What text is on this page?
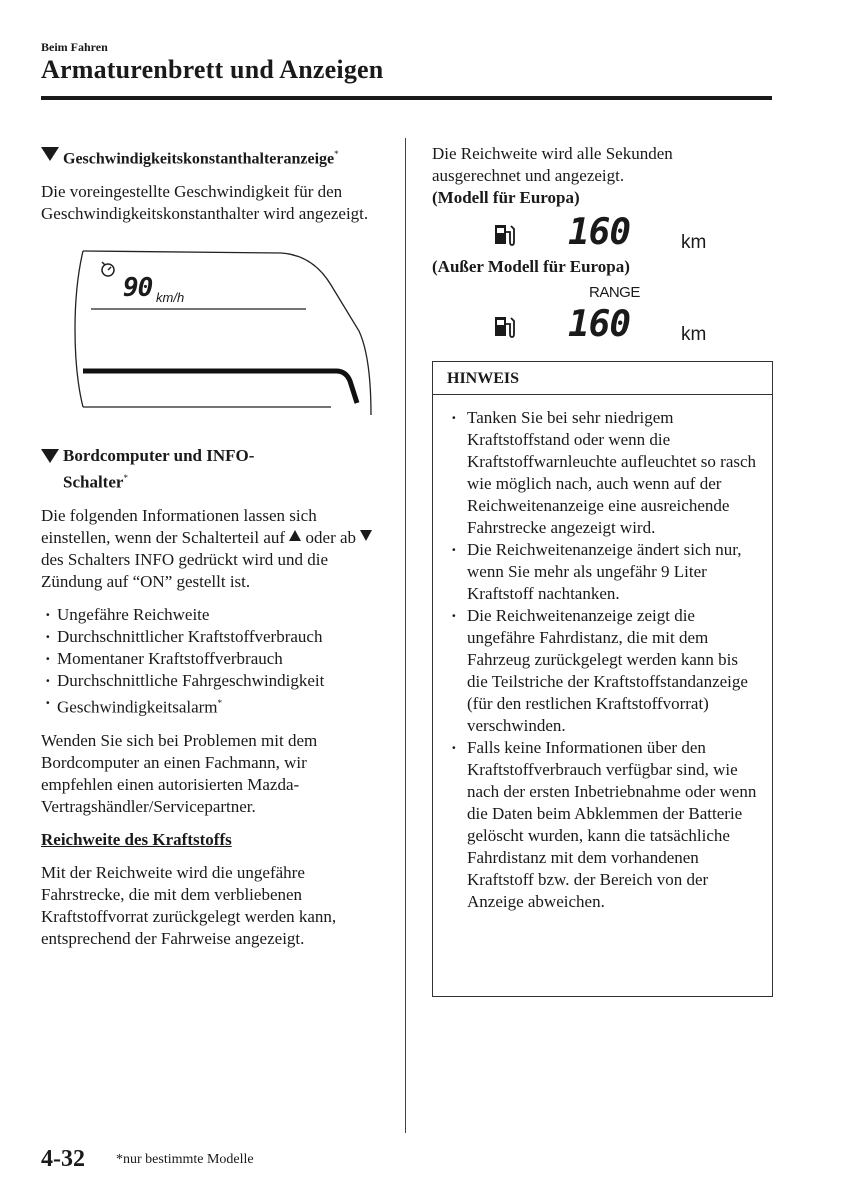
Beim Fahren
Armaturenbrett und Anzeigen
Geschwindigkeitskonstanthalteranzeige*

Die voreingestellte Geschwindigkeit für den Geschwindigkeitskonstanthalter wird angezeigt.

90 km/h
Bordcomputer und INFO-
Schalter*

Die folgenden Informationen lassen sich einstellen, wenn der Schalterteil auf oder ab  des Schalters INFO gedrückt wird und die Zündung auf “ON” gestellt ist.

· Ungefähre Reichweite
· Durchschnittlicher Kraftstoffverbrauch
· Momentaner Kraftstoffverbrauch
· Durchschnittliche Fahrgeschwindigkeit
· Geschwindigkeitsalarm*

Wenden Sie sich bei Problemen mit dem Bordcomputer an einen Fachmann, wir empfehlen einen autorisierten Mazda-Vertragshändler/Servicepartner.

Reichweite des Kraftstoffs

Mit der Reichweite wird die ungefähre Fahrstrecke, die mit dem verbliebenen Kraftstoffvorrat zurückgelegt werden kann, entsprechend der Fahrweise angezeigt.

Die Reichweite wird alle Sekunden ausgerechnet und angezeigt.

(Modell für Europa)

160	km
(Außer Modell für Europa)
RANGE
160	km
HINWEIS
· Tanken Sie bei sehr niedrigem Kraftstoffstand oder wenn die Kraftstoffwarnleuchte aufleuchtet so rasch wie möglich nach, auch wenn auf der Reichweitenanzeige eine ausreichende Fahrstrecke angezeigt wird.
· Die Reichweitenanzeige ändert sich nur, wenn Sie mehr als ungefähr 9 Liter Kraftstoff nachtanken.
· Die Reichweitenanzeige zeigt die ungefähre Fahrdistanz, die mit dem Fahrzeug zurückgelegt werden kann bis die Teilstriche der Kraftstoffstandanzeige (für den restlichen Kraftstoffvorrat) verschwinden.
· Falls keine Informationen über den Kraftstoffverbrauch verfügbar sind, wie nach der ersten Inbetriebnahme oder wenn die Daten beim Abklemmen der Batterie gelöscht wurden, kann die tatsächliche Fahrdistanz mit dem vorhandenen Kraftstoff bzw. der Bereich von der Anzeige abweichen.
4-32 *nur bestimmte Modelle
